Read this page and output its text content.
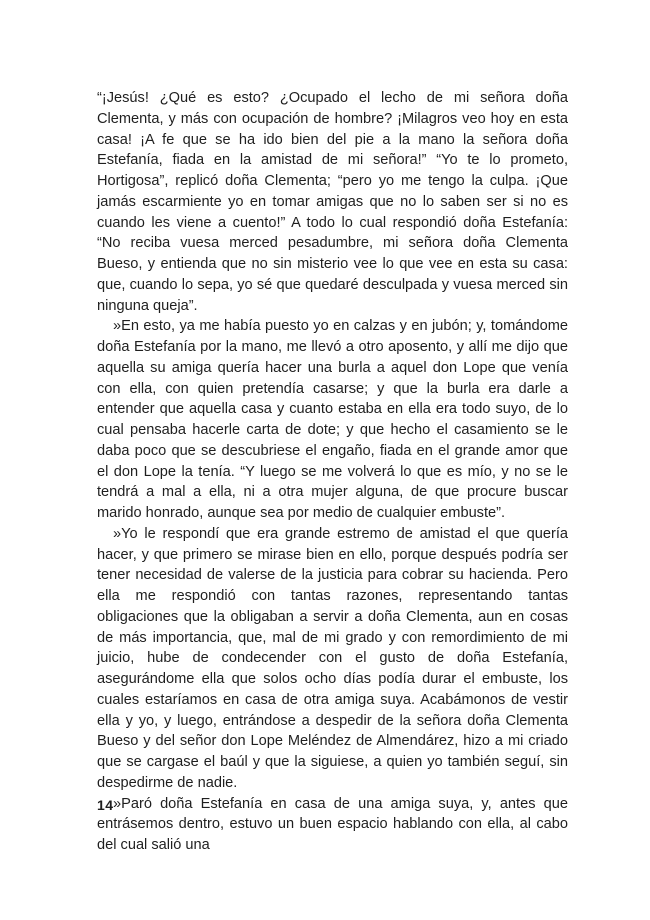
“¡Jesús! ¿Qué es esto? ¿Ocupado el lecho de mi señora doña Clementa, y más con ocupación de hombre? ¡Milagros veo hoy en esta casa! ¡A fe que se ha ido bien del pie a la mano la señora doña Estefanía, fiada en la amistad de mi señora!” “Yo te lo prometo, Hortigosa”, replicó doña Clementa; “pero yo me tengo la culpa. ¡Que jamás escarmiente yo en tomar amigas que no lo saben ser si no es cuando les viene a cuento!” A todo lo cual respondió doña Estefanía: “No reciba vuesa merced pesadumbre, mi señora doña Clementa Bueso, y entienda que no sin misterio vee lo que vee en esta su casa: que, cuando lo sepa, yo sé que quedaré desculpada y vuesa merced sin ninguna queja”.

»En esto, ya me había puesto yo en calzas y en jubón; y, tomándome doña Estefanía por la mano, me llevó a otro aposento, y allí me dijo que aquella su amiga quería hacer una burla a aquel don Lope que venía con ella, con quien pretendía casarse; y que la burla era darle a entender que aquella casa y cuanto estaba en ella era todo suyo, de lo cual pensaba hacerle carta de dote; y que hecho el casamiento se le daba poco que se descubriese el engaño, fiada en el grande amor que el don Lope la tenía. “Y luego se me volverá lo que es mío, y no se le tendrá a mal a ella, ni a otra mujer alguna, de que procure buscar marido honrado, aunque sea por medio de cualquier embuste”.

»Yo le respondí que era grande estremo de amistad el que quería hacer, y que primero se mirase bien en ello, porque después podría ser tener necesidad de valerse de la justicia para cobrar su hacienda. Pero ella me respondió con tantas razones, representando tantas obligaciones que la obligaban a servir a doña Clementa, aun en cosas de más importancia, que, mal de mi grado y con remordimiento de mi juicio, hube de condecender con el gusto de doña Estefanía, asegurándome ella que solos ocho días podía durar el embuste, los cuales estaríamos en casa de otra amiga suya. Acabámonos de vestir ella y yo, y luego, entrándose a despedir de la señora doña Clementa Bueso y del señor don Lope Meléndez de Almendárez, hizo a mi criado que se cargase el baúl y que la siguiese, a quien yo también seguí, sin despedirme de nadie.

»Paró doña Estefanía en casa de una amiga suya, y, antes que entrásemos dentro, estuvo un buen espacio hablando con ella, al cabo del cual salió una

14
